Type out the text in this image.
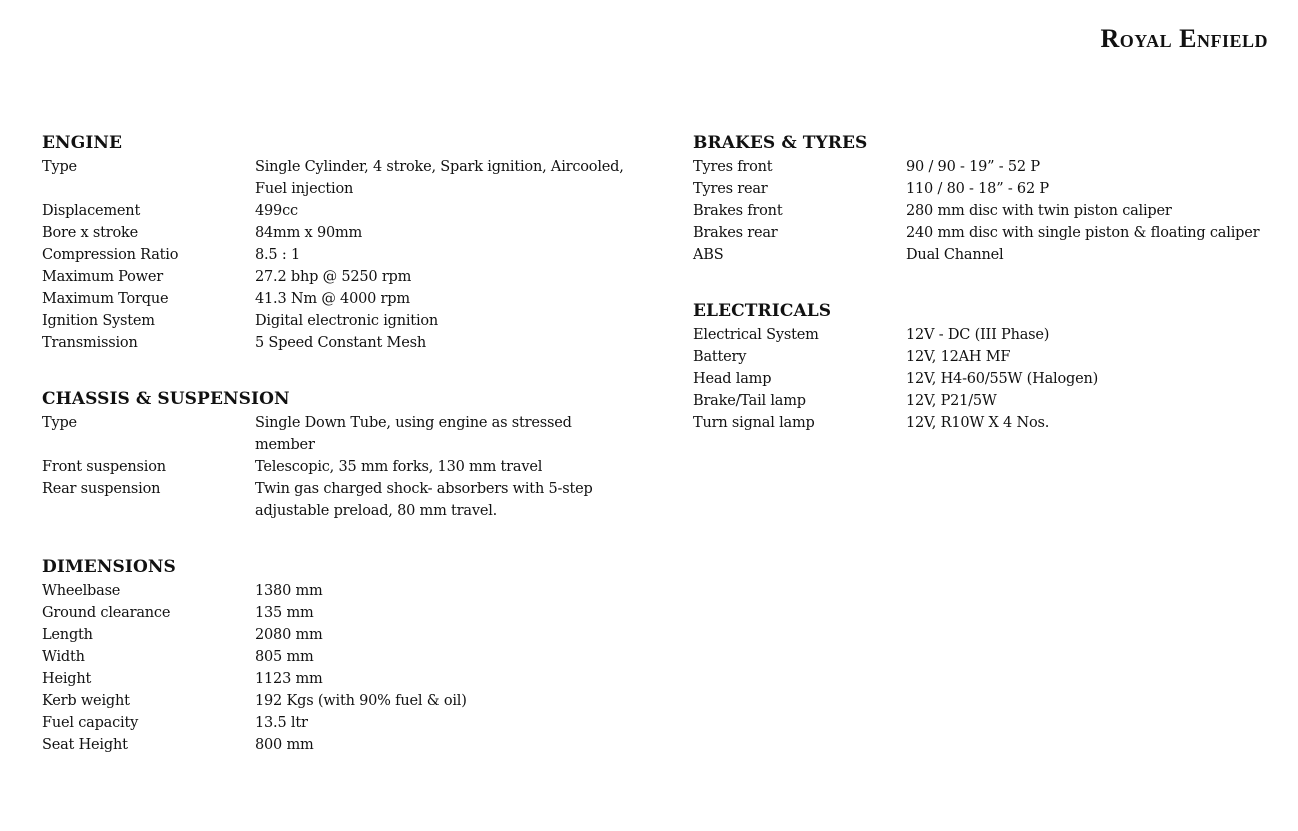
Royal Enfield
ENGINE
Type	Single Cylinder, 4 stroke, Spark ignition, Aircooled, Fuel injection
Displacement	499cc
Bore x stroke	84mm x 90mm
Compression Ratio	8.5 : 1
Maximum Power	27.2 bhp @ 5250 rpm
Maximum Torque	41.3 Nm @ 4000 rpm
Ignition System	Digital electronic ignition
Transmission	5 Speed Constant Mesh
CHASSIS & SUSPENSION
Type	Single Down Tube, using engine as stressed member
Front suspension	Telescopic, 35 mm forks, 130 mm travel
Rear suspension	Twin gas charged shock- absorbers with 5-step adjustable preload, 80 mm travel.
DIMENSIONS
Wheelbase	1380 mm
Ground clearance	135 mm
Length	2080 mm
Width	805 mm
Height	1123 mm
Kerb weight	192 Kgs (with 90% fuel & oil)
Fuel capacity	13.5 ltr
Seat Height	800 mm
BRAKES & TYRES
Tyres front	90 / 90 - 19” - 52 P
Tyres rear	110 / 80 - 18” - 62 P
Brakes front	280 mm disc with twin piston caliper
Brakes rear	240 mm disc with single piston & floating caliper
ABS	Dual Channel
ELECTRICALS
Electrical System	12V - DC (III Phase)
Battery	12V, 12AH MF
Head lamp	12V, H4-60/55W (Halogen)
Brake/Tail lamp	12V, P21/5W
Turn signal lamp	12V, R10W X 4 Nos.
